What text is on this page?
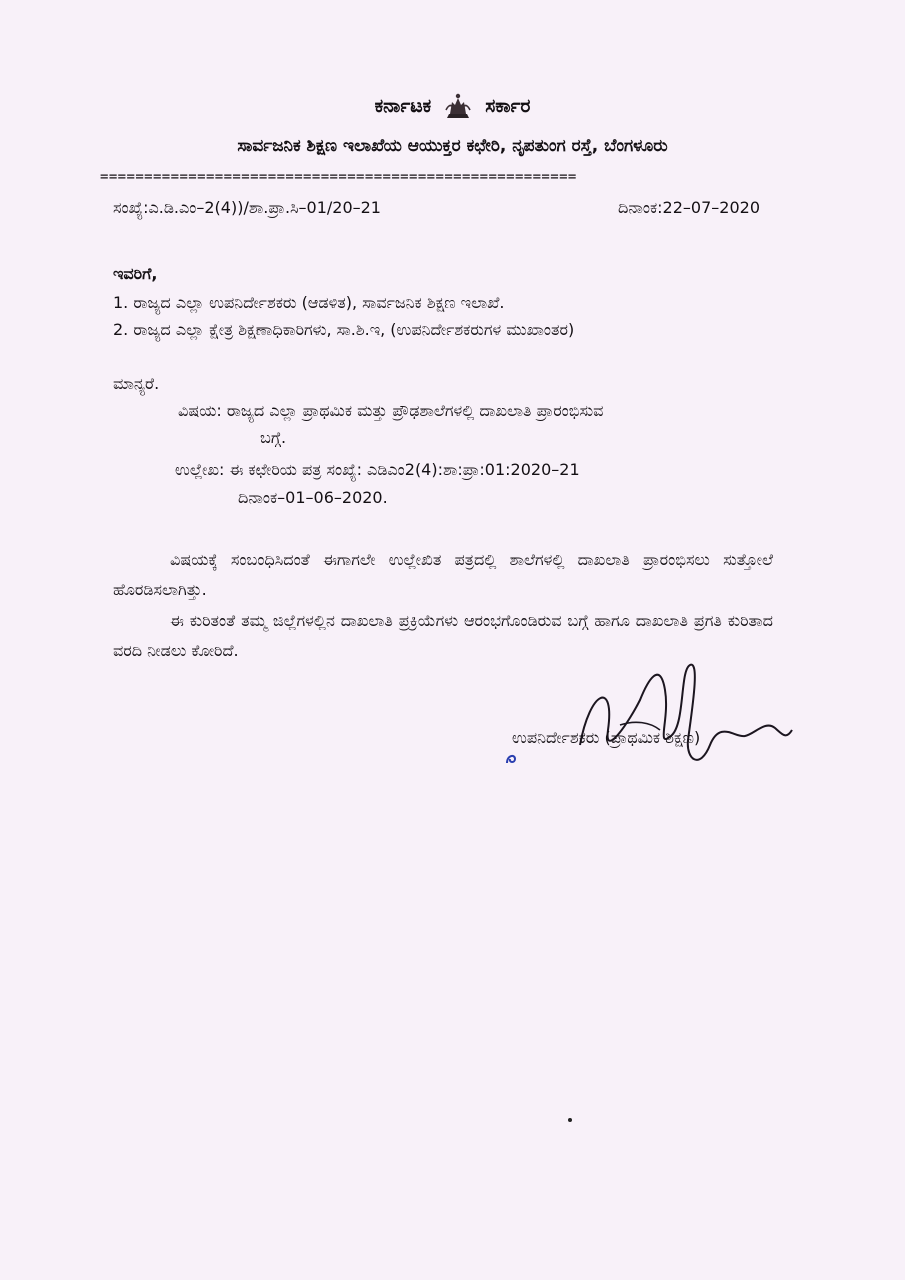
ಕರ್ನಾಟಕ	ಸರ್ಕಾರ
ಸಾರ್ವಜನಿಕ ಶಿಕ್ಷಣ ಇಲಾಖೆಯ ಆಯುಕ್ತರ ಕಛೇರಿ, ನೃಪತುಂಗ ರಸ್ತೆ, ಬೆಂಗಳೂರು
======================================================
ಸಂಖ್ಯೆ:ಎ.ಡಿ.ಎಂ–2(4))/ಶಾ.ಪ್ರಾ.ಸಿ–01/20–21	ದಿನಾಂಕ:22–07–2020
ಇವರಿಗೆ,
1. ರಾಜ್ಯದ ಎಲ್ಲಾ ಉಪನಿರ್ದೇಶಕರು (ಆಡಳಿತ), ಸಾರ್ವಜನಿಕ ಶಿಕ್ಷಣ ಇಲಾಖೆ.
2. ರಾಜ್ಯದ ಎಲ್ಲಾ ಕ್ಷೇತ್ರ ಶಿಕ್ಷಣಾಧಿಕಾರಿಗಳು, ಸಾ.ಶಿ.ಇ, (ಉಪನಿರ್ದೇಶಕರುಗಳ ಮುಖಾಂತರ)
ಮಾನ್ಯರೆ.
ವಿಷಯ: ರಾಜ್ಯದ ಎಲ್ಲಾ ಪ್ರಾಥಮಿಕ ಮತ್ತು ಪ್ರೌಢಶಾಲೆಗಳಲ್ಲಿ ದಾಖಲಾತಿ ಪ್ರಾರಂಭಿಸುವ
ಬಗ್ಗೆ.
ಉಲ್ಲೇಖ: ಈ ಕಛೇರಿಯ ಪತ್ರ ಸಂಖ್ಯೆ: ಎಡಿಎಂ2(4):ಶಾ:ಪ್ರಾ:01:2020–21
ದಿನಾಂಕ–01–06–2020.
ವಿಷಯಕ್ಕೆ ಸಂಬಂಧಿಸಿದಂತೆ ಈಗಾಗಲೇ ಉಲ್ಲೇಖಿತ ಪತ್ರದಲ್ಲಿ ಶಾಲೆಗಳಲ್ಲಿ ದಾಖಲಾತಿ ಪ್ರಾರಂಭಿಸಲು ಸುತ್ತೋಲೆ ಹೊರಡಿಸಲಾಗಿತ್ತು.
ಈ ಕುರಿತಂತೆ ತಮ್ಮ ಜಿಲ್ಲೆಗಳಲ್ಲಿನ ದಾಖಲಾತಿ ಪ್ರಕ್ರಿಯೆಗಳು ಆರಂಭಗೊಂಡಿರುವ ಬಗ್ಗೆ ಹಾಗೂ ದಾಖಲಾತಿ ಪ್ರಗತಿ ಕುರಿತಾದ ವರದಿ ನೀಡಲು ಕೋರಿದೆ.
ಉಪನಿರ್ದೇಶಕರು (ಪ್ರಾಥಮಿಕ ಶಿಕ್ಷಣ)
